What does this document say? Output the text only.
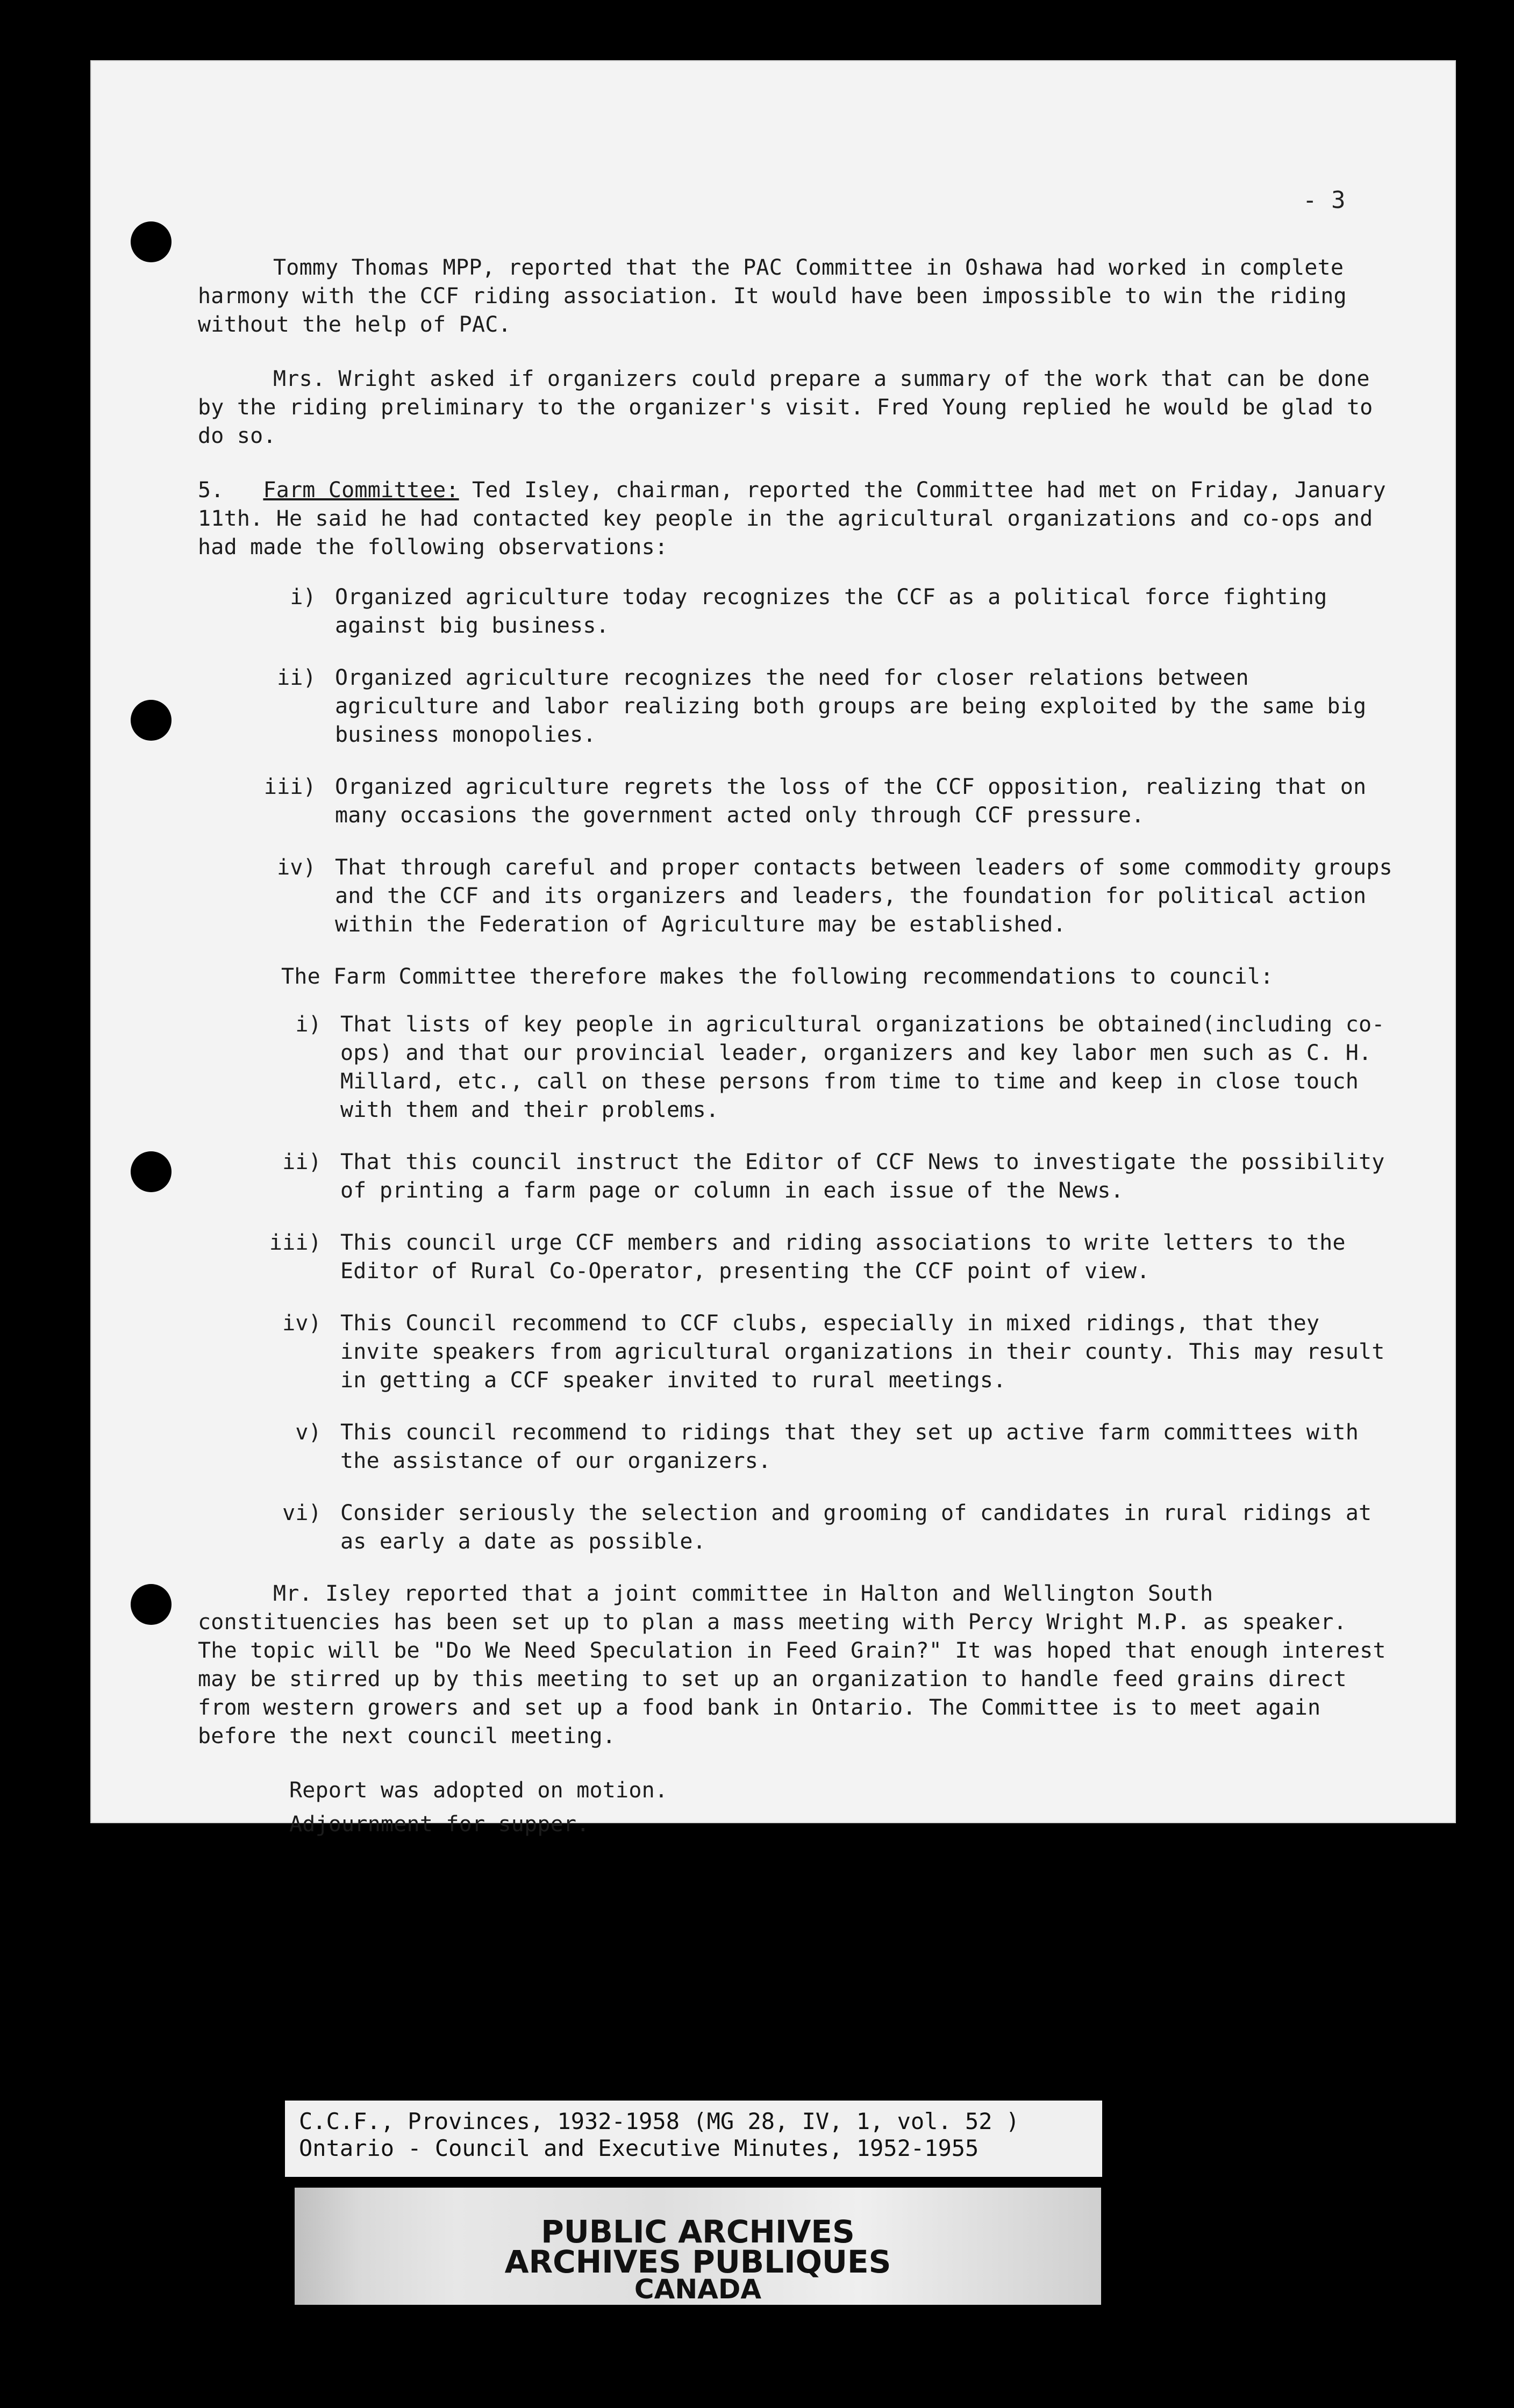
- 3

Tommy Thomas MPP, reported that the PAC Committee in Oshawa had worked in complete harmony with the CCF riding association. It would have been impossible to win the riding without the help of PAC.

Mrs. Wright asked if organizers could prepare a summary of the work that can be done by the riding preliminary to the organizer's visit. Fred Young replied he would be glad to do so.

5. Farm Committee: Ted Isley, chairman, reported the Committee had met on Friday, January 11th. He said he had contacted key people in the agricultural organizations and co-ops and had made the following observations:

i) Organized agriculture today recognizes the CCF as a political force fighting against big business.
ii) Organized agriculture recognizes the need for closer relations between agriculture and labor realizing both groups are being exploited by the same big business monopolies.
iii) Organized agriculture regrets the loss of the CCF opposition, realizing that on many occasions the government acted only through CCF pressure.
iv) That through careful and proper contacts between leaders of some commodity groups and the CCF and its organizers and leaders, the foundation for political action within the Federation of Agriculture may be established.

The Farm Committee therefore makes the following recommendations to council:

i) That lists of key people in agricultural organizations be obtained(including co-ops) and that our provincial leader, organizers and key labor men such as C. H. Millard, etc., call on these persons from time to time and keep in close touch with them and their problems.
ii) That this council instruct the Editor of CCF News to investigate the possibility of printing a farm page or column in each issue of the News.
iii) This council urge CCF members and riding associations to write letters to the Editor of Rural Co-Operator, presenting the CCF point of view.
iv) This Council recommend to CCF clubs, especially in mixed ridings, that they invite speakers from agricultural organizations in their county. This may result in getting a CCF speaker invited to rural meetings.
v) This council recommend to ridings that they set up active farm committees with the assistance of our organizers.
vi) Consider seriously the selection and grooming of candidates in rural ridings at as early a date as possible.

Mr. Isley reported that a joint committee in Halton and Wellington South constituencies has been set up to plan a mass meeting with Percy Wright M.P. as speaker. The topic will be "Do We Need Speculation in Feed Grain?" It was hoped that enough interest may be stirred up by this meeting to set up an organization to handle feed grains direct from western growers and set up a food bank in Ontario. The Committee is to meet again before the next council meeting.

Report was adopted on motion.

Adjournment for supper.

C.C.F., Provinces, 1932-1958 (MG 28, IV, 1, vol. 52 )
Ontario - Council and Executive Minutes, 1952-1955
PUBLIC ARCHIVES
ARCHIVES PUBLIQUES
CANADA
